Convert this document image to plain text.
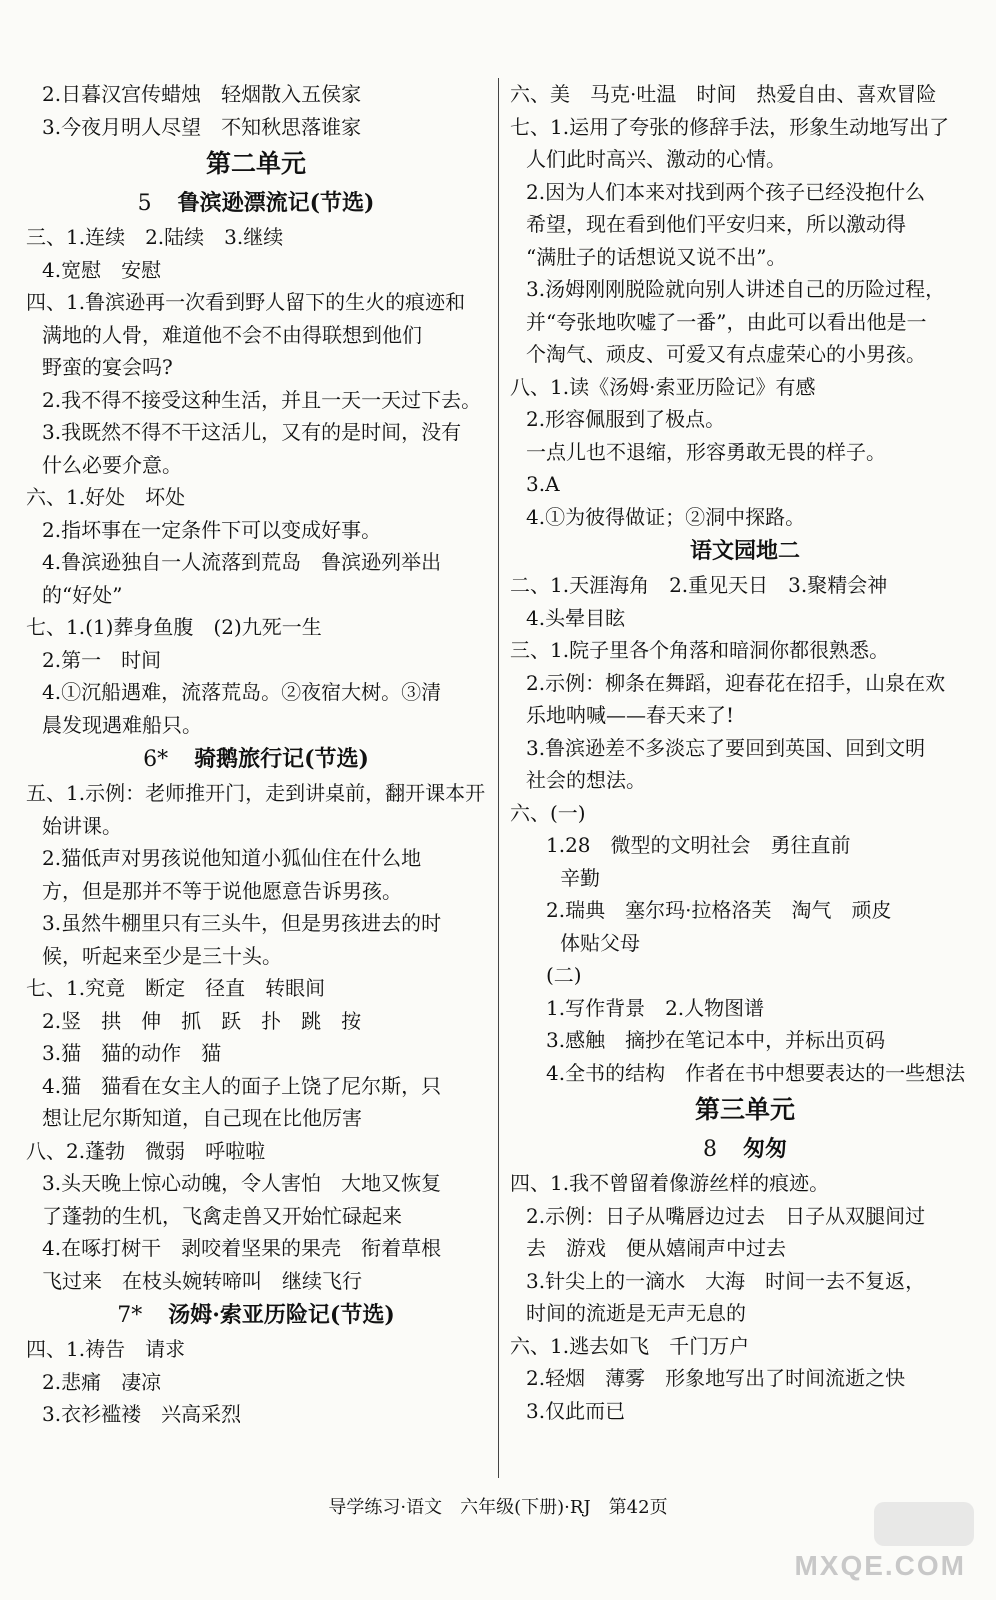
2.日暮汉宫传蜡烛　轻烟散入五侯家
3.今夜月明人尽望　不知秋思落谁家
第二单元
5 鲁滨逊漂流记(节选)
三、1.连续　2.陆续　3.继续
4.宽慰　安慰
四、1.鲁滨逊再一次看到野人留下的生火的痕迹和
满地的人骨，难道他不会不由得联想到他们
野蛮的宴会吗?
2.我不得不接受这种生活，并且一天一天过下去。
3.我既然不得不干这活儿，又有的是时间，没有
什么必要介意。
六、1.好处　坏处
2.指坏事在一定条件下可以变成好事。
4.鲁滨逊独自一人流落到荒岛　鲁滨逊列举出
的“好处”
七、1.(1)葬身鱼腹　(2)九死一生
2.第一　时间
4.①沉船遇难，流落荒岛。②夜宿大树。③清
晨发现遇难船只。
6* 骑鹅旅行记(节选)
五、1.示例：老师推开门，走到讲桌前，翻开课本开
始讲课。
2.猫低声对男孩说他知道小狐仙住在什么地
方，但是那并不等于说他愿意告诉男孩。
3.虽然牛棚里只有三头牛，但是男孩进去的时
候，听起来至少是三十头。
七、1.究竟　断定　径直　转眼间
2.竖　拱　伸　抓　跃　扑　跳　按
3.猫　猫的动作　猫
4.猫　猫看在女主人的面子上饶了尼尔斯，只
想让尼尔斯知道，自己现在比他厉害
八、2.蓬勃　微弱　呼啦啦
3.头天晚上惊心动魄，令人害怕　大地又恢复
了蓬勃的生机，飞禽走兽又开始忙碌起来
4.在啄打树干　剥咬着坚果的果壳　衔着草根
飞过来　在枝头婉转啼叫　继续飞行
7* 汤姆·索亚历险记(节选)
四、1.祷告　请求
2.悲痛　凄凉
3.衣衫褴褛　兴高采烈
六、美　马克·吐温　时间　热爱自由、喜欢冒险
七、1.运用了夸张的修辞手法，形象生动地写出了
人们此时高兴、激动的心情。
2.因为人们本来对找到两个孩子已经没抱什么
希望，现在看到他们平安归来，所以激动得
“满肚子的话想说又说不出”。
3.汤姆刚刚脱险就向别人讲述自己的历险过程，
并“夸张地吹嘘了一番”，由此可以看出他是一
个淘气、顽皮、可爱又有点虚荣心的小男孩。
八、1.读《汤姆·索亚历险记》有感
2.形容佩服到了极点。
一点儿也不退缩，形容勇敢无畏的样子。
3.A
4.①为彼得做证；②洞中探路。
语文园地二
二、1.天涯海角　2.重见天日　3.聚精会神
4.头晕目眩
三、1.院子里各个角落和暗洞你都很熟悉。
2.示例：柳条在舞蹈，迎春花在招手，山泉在欢
乐地呐喊——春天来了!
3.鲁滨逊差不多淡忘了要回到英国、回到文明
社会的想法。
六、(一)
1.28　微型的文明社会　勇往直前
辛勤
2.瑞典　塞尔玛·拉格洛芙　淘气　顽皮
体贴父母
(二)
1.写作背景　2.人物图谱
3.感触　摘抄在笔记本中，并标出页码
4.全书的结构　作者在书中想要表达的一些想法
第三单元
8 匆匆
四、1.我不曾留着像游丝样的痕迹。
2.示例：日子从嘴唇边过去　日子从双腿间过
去　游戏　便从嬉闹声中过去
3.针尖上的一滴水　大海　时间一去不复返，
时间的流逝是无声无息的
六、1.逃去如飞　千门万户
2.轻烟　薄雾　形象地写出了时间流逝之快
3.仅此而已
导学练习·语文　六年级(下册)·RJ　第42页
MXQE.COM
